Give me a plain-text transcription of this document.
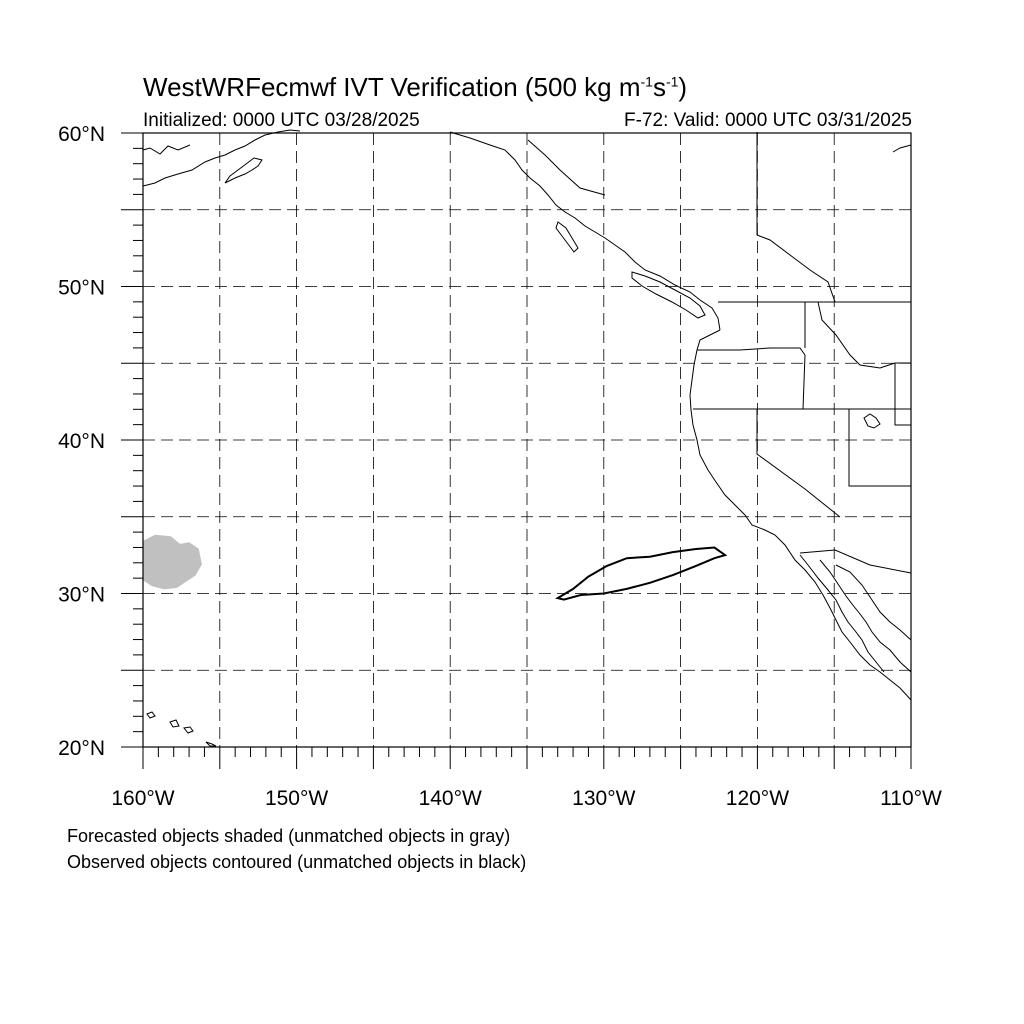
WestWRFecmwf IVT Verification (500 kg $m^{-1}s^{-1}$)
Initialized: 0000 UTC 03/28/2025	F-72: Valid: 0000 UTC 03/31/2025
160°W	150°W	140°W	130°W	120°W	110°W
20°N
30°N
40°N
50°N
60°N
Forecasted objects shaded (unmatched objects in gray)
Observed objects contoured (unmatched objects in black)
